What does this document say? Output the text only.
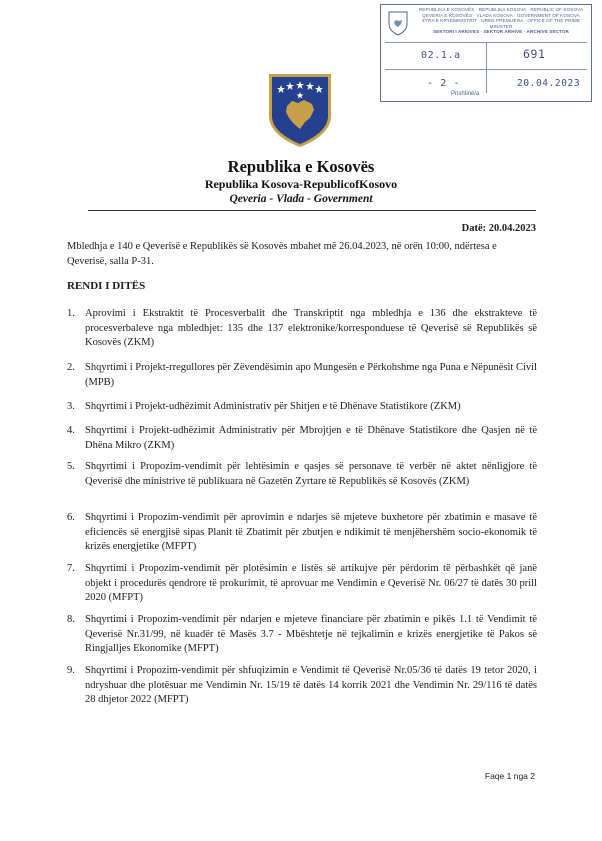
REPUBLIKA E KOSOVËS · REPUBLIKA KOSOVA · REPUBLIC OF KOSOVA
QEVERIA E KOSOVËS · VLADA KOSOVA · GOVERNMENT OF KOSOVA
ZYRA E KRYEMINISTRIT · URED PREMIJERA · OFFICE OF THE PRIME MINISTER
SEKTORI I ARKIVES · SEKTOR ARHIVE · ARCHIVE SECTOR
02.1.a	691
- 2 -	20.04.2023
Prishtinë/a
Republika e Kosovës
Republika Kosova-RepublicofKosovo
Qeveria - Vlada - Government
Datë: 20.04.2023
Mbledhja e 140 e Qeverisë e Republikës së Kosovës mbahet më 26.04.2023, në orën 10:00, ndërtesa e Qeverisë, salla P-31.
RENDI I DITËS
1. Aprovimi i Ekstraktit të Procesverbalit dhe Transkriptit nga mbledhja e 136 dhe ekstrakteve të procesverbaleve nga mbledhjet: 135 dhe 137 elektronike/korresponduese të Qeverisë së Republikës së Kosovës (ZKM)
2. Shqyrtimi i Projekt-rregullores për Zëvendësimin apo Mungesën e Përkohshme nga Puna e Nëpunësit Civil (MPB)
3. Shqyrtimi i Projekt-udhëzimit Administrativ për Shitjen e të Dhënave Statistikore (ZKM)
4. Shqyrtimi i Projekt-udhëzimit Administrativ për Mbrojtjen e të Dhënave Statistikore dhe Qasjen në të Dhëna Mikro (ZKM)
5. Shqyrtimi i Propozim-vendimit për lehtësimin e qasjes së personave të verbër në aktet nënligjore të Qeverisë dhe ministrive të publikuara në Gazetën Zyrtare të Republikës së Kosovës (ZKM)
6. Shqyrtimi i Propozim-vendimit për aprovimin e ndarjes së mjeteve buxhetore për zbatimin e masave të eficiencës së energjisë sipas Planit të Zbatimit për zbutjen e ndikimit të menjëhershëm socio-ekonomik të krizës energjetike (MFPT)
7. Shqyrtimi i Propozim-vendimit për plotësimin e listës së artikujve për përdorim të përbashkët që janë objekt i procedurës qendrore të prokurimit, të aprovuar me Vendimin e Qeverisë Nr. 06/27 të datës 30 prill 2020 (MFPT)
8. Shqyrtimi i Propozim-vendimit për ndarjen e mjeteve financiare për zbatimin e pikës 1.1 të Vendimit të Qeverisë Nr.31/99, në kuadër të Masës 3.7 - Mbështetje në tejkalimin e krizës energjetike të Pakos së Ringjalljes Ekonomike (MFPT)
9. Shqyrtimi i Propozim-vendimit për shfuqizimin e Vendimit të Qeverisë Nr.05/36 të datës 19 tetor 2020, i ndryshuar dhe plotësuar me Vendimin Nr. 15/19 të datës 14 korrik 2021 dhe Vendimin Nr. 29/116 të datës 28 dhjetor 2022 (MFPT)
Faqe 1 nga 2
